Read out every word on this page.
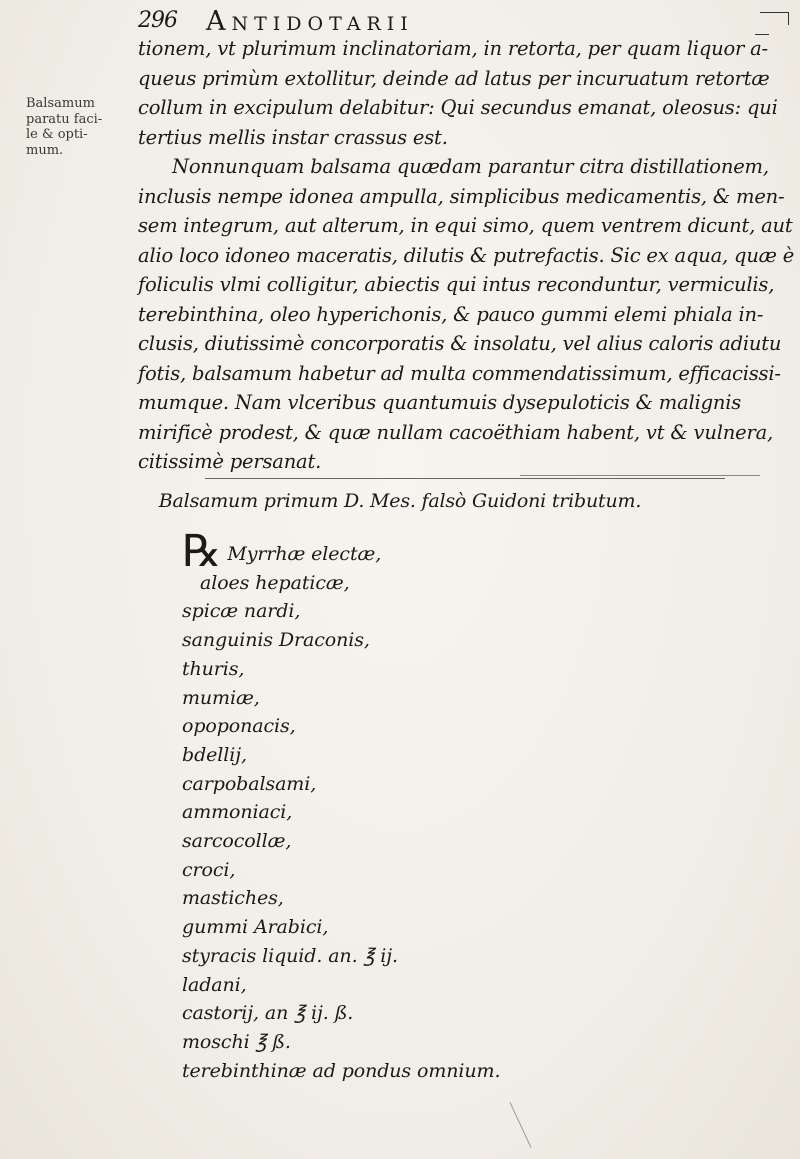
296 Antidotarii
Balsamum
paratu faci-
le & opti-
mum.
tionem, vt plurimum inclinatoriam, in retorta, per quam liquor a-
queus primùm extollitur, deinde ad latus per incuruatum retortæ
collum in excipulum delabitur: Qui secundus emanat, oleosus: qui
tertius mellis instar crassus est.
Nonnunquam balsama quædam parantur citra distillationem,
inclusis nempe idonea ampulla, simplicibus medicamentis, & men-
sem integrum, aut alterum, in equi simo, quem ventrem dicunt, aut
alio loco idoneo maceratis, dilutis & putrefactis. Sic ex aqua, quæ è
foliculis vlmi colligitur, abiectis qui intus reconduntur, vermiculis,
terebinthina, oleo hyperichonis, & pauco gummi elemi phiala in-
clusis, diutissimè concorporatis & insolatu, vel alius caloris adiutu
fotis, balsamum habetur ad multa commendatissimum, efficacissi-
mumque. Nam vlceribus quantumuis dysepuloticis & malignis
mirificè prodest, & quæ nullam cacoëthiam habent, vt & vulnera,
citissimè persanat.
Balsamum primum D. Mes. falsò Guidoni tributum.
℞ Myrrhæ electæ,
aloes hepaticæ,
spicæ nardi,
sanguinis Draconis,
thuris,
mumiæ,
opoponacis,
bdellij,
carpobalsami,
ammoniaci,
sarcocollæ,
croci,
mastiches,
gummi Arabici,
styracis liquid. an. ℥ ij.
ladani,
castorij, an ℥ ij. ß.
moschi ℥ ß.
terebinthinæ ad pondus omnium.
